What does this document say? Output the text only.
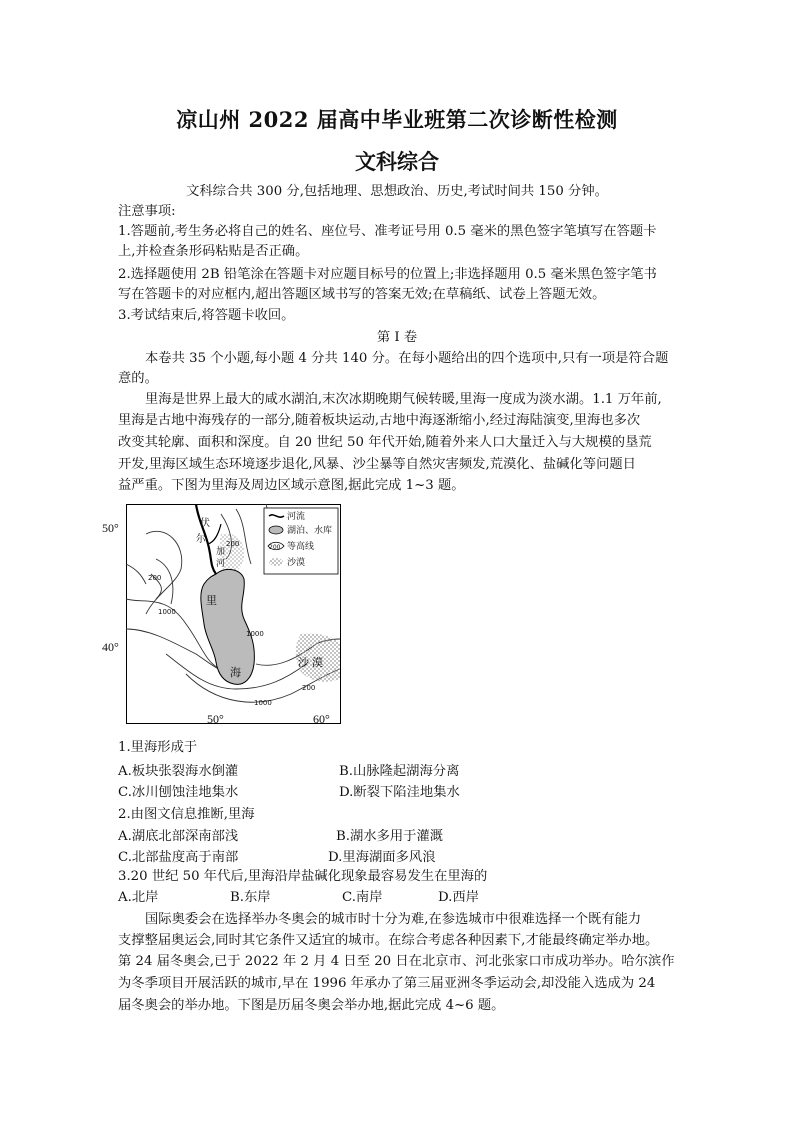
凉山州 2022 届高中毕业班第二次诊断性检测
文科综合
文科综合共 300 分,包括地理、思想政治、历史,考试时间共 150 分钟。
注意事项:
1.答题前,考生务必将自己的姓名、座位号、准考证号用 0.5 毫米的黑色签字笔填写在答题卡
上,并检查条形码粘贴是否正确。
2.选择题使用 2B 铅笔涂在答题卡对应题目标号的位置上;非选择题用 0.5 毫米黑色签字笔书
写在答题卡的对应框内,超出答题区域书写的答案无效;在草稿纸、试卷上答题无效。
3.考试结束后,将答题卡收回。
第 I 卷
本卷共 35 个小题,每小题 4 分共 140 分。在每小题给出的四个选项中,只有一项是符合题
意的。
里海是世界上最大的咸水湖泊,末次冰期晚期气候转暖,里海一度成为淡水湖。1.1 万年前,
里海是古地中海残存的一部分,随着板块运动,古地中海逐渐缩小,经过海陆演变,里海也多次
改变其轮廓、面积和深度。自 20 世纪 50 年代开始,随着外来人口大量迁入与大规模的垦荒
开发,里海区域生态环境逐步退化,风暴、沙尘暴等自然灾害频发,荒漠化、盐碱化等问题日
益严重。下图为里海及周边区域示意图,据此完成 1~3 题。
200
河流
湖泊、水库
等高线
沙漠
伏
尔
加
河
里
海
沙 漠
200
1000
200
1000
1000
200
50°
40°
50°	60°
1.里海形成于
A.板块张裂海水倒灌	B.山脉隆起湖海分离
C.冰川刨蚀洼地集水	D.断裂下陷洼地集水
2.由图文信息推断,里海
A.湖底北部深南部浅	B.湖水多用于灌溉
C.北部盐度高于南部	D.里海湖面多风浪
3.20 世纪 50 年代后,里海沿岸盐碱化现象最容易发生在里海的
A.北岸	B.东岸	C.南岸	D.西岸
国际奥委会在选择举办冬奥会的城市时十分为难,在参选城市中很难选择一个既有能力
支撑整届奥运会,同时其它条件又适宜的城市。在综合考虑各种因素下,才能最终确定举办地。
第 24 届冬奥会,已于 2022 年 2 月 4 日至 20 日在北京市、河北张家口市成功举办。哈尔滨作
为冬季项目开展活跃的城市,早在 1996 年承办了第三届亚洲冬季运动会,却没能入选成为 24
届冬奥会的举办地。下图是历届冬奥会举办地,据此完成 4~6 题。
